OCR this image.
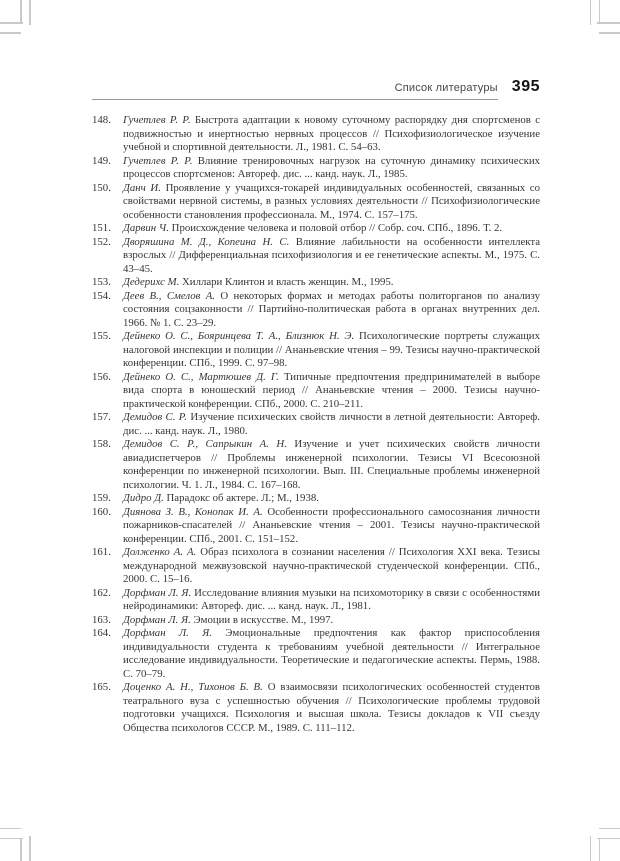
Список литературы 395
148. Гучетлев Р. Р. Быстрота адаптации к новому суточному распорядку дня спортсменов с подвижностью и инертностью нервных процессов // Психофизиологическое изучение учебной и спортивной деятельности. Л., 1981. С. 54–63.
149. Гучетлев Р. Р. Влияние тренировочных нагрузок на суточную динамику психических процессов спортсменов: Автореф. дис. ... канд. наук. Л., 1985.
150. Данч И. Проявление у учащихся-токарей индивидуальных особенностей, связанных со свойствами нервной системы, в разных условиях деятельности // Психофизиологические особенности становления профессионала. М., 1974. С. 157–175.
151. Дарвин Ч. Происхождение человека и половой отбор // Собр. соч. СПб., 1896. Т. 2.
152. Дворяшина М. Д., Копеина Н. С. Влияние лабильности на особенности интеллекта взрослых // Дифференциальная психофизиология и ее генетические аспекты. М., 1975. С. 43–45.
153. Дедерихс М. Хиллари Клинтон и власть женщин. М., 1995.
154. Деев В., Смелов А. О некоторых формах и методах работы политорганов по анализу состояния соцзаконности // Партийно-политическая работа в органах внутренних дел. 1966. № 1. С. 23–29.
155. Дейнеко О. С., Бояринцева Т. А., Близнюк Н. Э. Психологические портреты служащих налоговой инспекции и полиции // Ананьевские чтения – 99. Тезисы научно-практической конференции. СПб., 1999. С. 97–98.
156. Дейнеко О. С., Мартюшев Д. Г. Типичные предпочтения предпринимателей в выборе вида спорта в юношеский период // Ананьевские чтения – 2000. Тезисы научно-практической конференции. СПб., 2000. С. 210–211.
157. Демидов С. Р. Изучение психических свойств личности в летной деятельности: Автореф. дис. ... канд. наук. Л., 1980.
158. Демидов С. Р., Сапрыкин А. Н. Изучение и учет психических свойств личности авиадиспетчеров // Проблемы инженерной психологии. Тезисы VI Всесоюзной конференции по инженерной психологии. Вып. III. Специальные проблемы инженерной психологии. Ч. 1. Л., 1984. С. 167–168.
159. Дидро Д. Парадокс об актере. Л.; М., 1938.
160. Диянова З. В., Конопак И. А. Особенности профессионального самосознания личности пожарников-спасателей // Ананьевские чтения – 2001. Тезисы научно-практической конференции. СПб., 2001. С. 151–152.
161. Долженко А. А. Образ психолога в сознании населения // Психология XXI века. Тезисы международной межвузовской научно-практической студенческой конференции. СПб., 2000. С. 15–16.
162. Дорфман Л. Я. Исследование влияния музыки на психомоторику в связи с особенностями нейродинамики: Автореф. дис. ... канд. наук. Л., 1981.
163. Дорфман Л. Я. Эмоции в искусстве. М., 1997.
164. Дорфман Л. Я. Эмоциональные предпочтения как фактор приспособления индивидуальности студента к требованиям учебной деятельности // Интегральное исследование индивидуальности. Теоретические и педагогические аспекты. Пермь, 1988. С. 70–79.
165. Доценко А. Н., Тихонов Б. В. О взаимосвязи психологических особенностей студентов театрального вуза с успешностью обучения // Психологические проблемы трудовой подготовки учащихся. Психология и высшая школа. Тезисы докладов к VII съезду Общества психологов СССР. М., 1989. С. 111–112.
